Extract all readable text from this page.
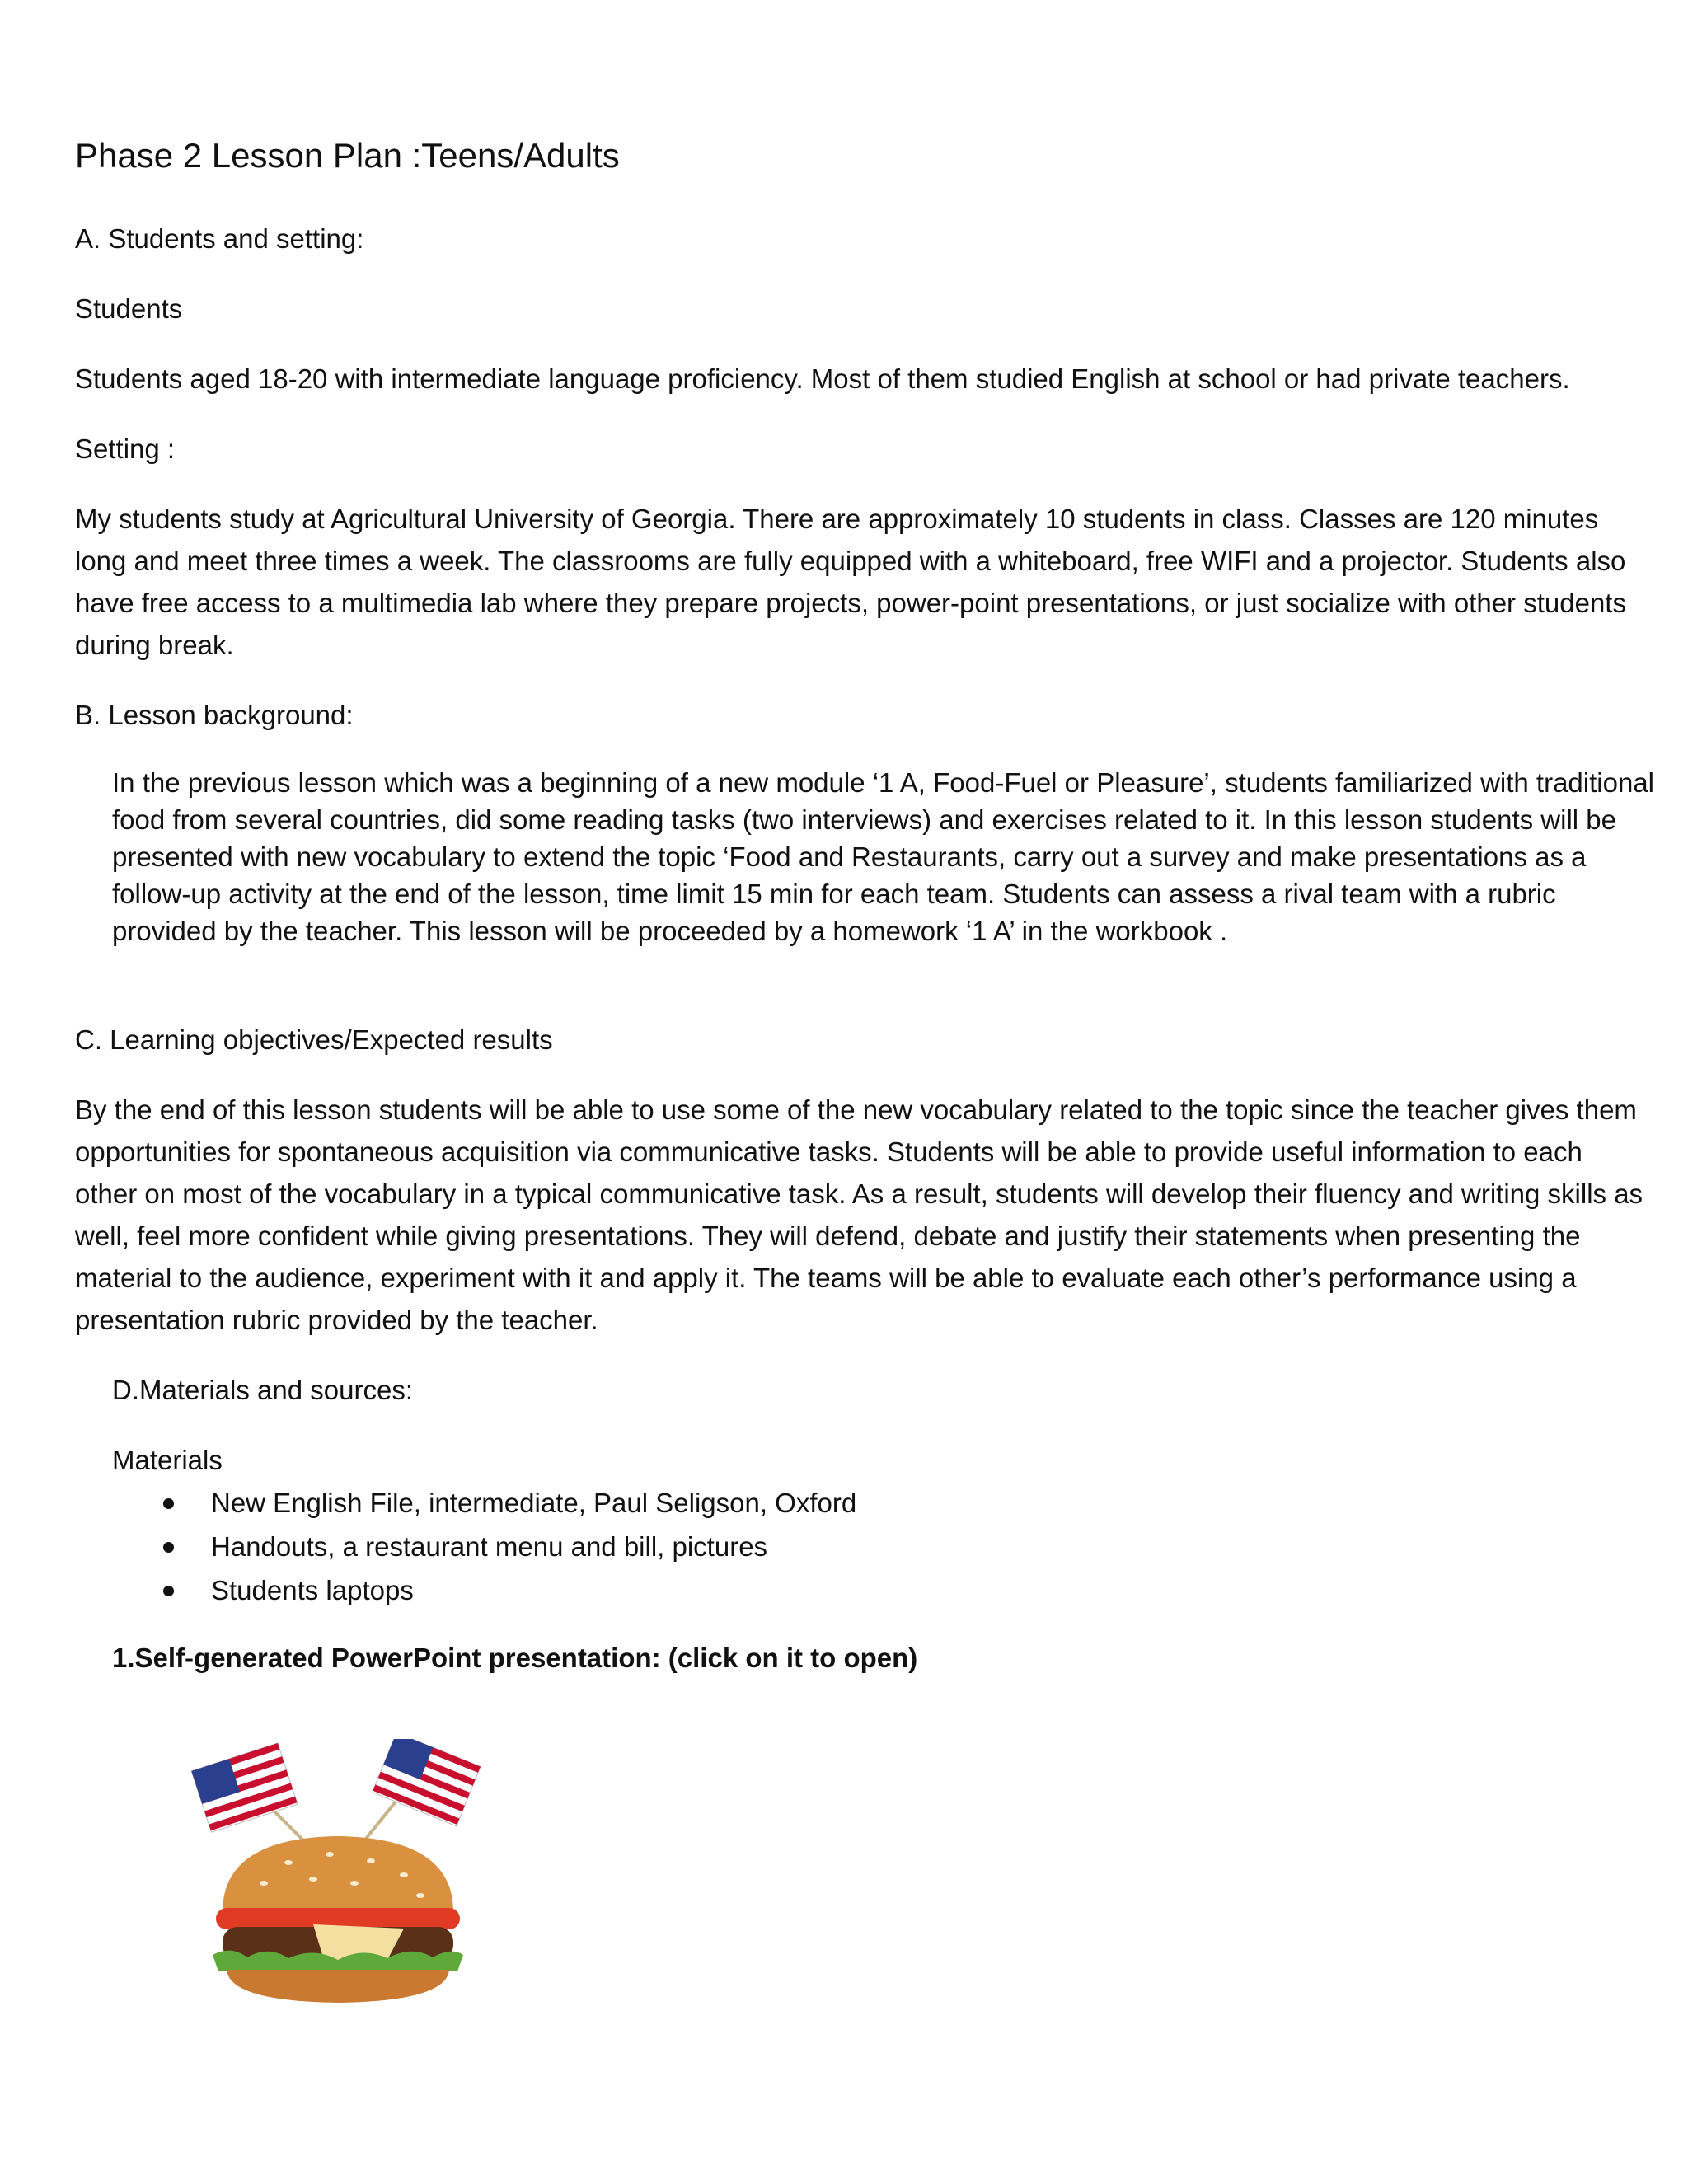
Phase 2 Lesson Plan :Teens/Adults

A. Students and setting:

Students

Students aged 18-20 with intermediate language proficiency. Most of them studied English at school or had private teachers.

Setting :

My students study at Agricultural University of Georgia. There are approximately 10 students in class. Classes are 120 minutes long and meet three times a week. The classrooms are fully equipped with a whiteboard, free WIFI and a projector. Students also have free access to a multimedia lab where they prepare projects, power-point presentations, or just socialize with other students during break.

B. Lesson background:

In the previous lesson which was a beginning of a new module ‘1 A, Food-Fuel or Pleasure’, students familiarized with traditional food from several countries, did some reading tasks (two interviews) and exercises related to it. In this lesson students will be presented with new vocabulary to extend the topic ‘Food and Restaurants, carry out a survey and make presentations as a follow-up activity at the end of the lesson, time limit 15 min for each team. Students can assess a rival team with a rubric provided by the teacher. This lesson will be proceeded by a homework ‘1 A’ in the workbook .

C. Learning objectives/Expected results

By the end of this lesson students will be able to use some of the new vocabulary related to the topic since the teacher gives them opportunities for spontaneous acquisition via communicative tasks. Students will be able to provide useful information to each other on most of the vocabulary in a typical communicative task. As a result, students will develop their fluency and writing skills as well, feel more confident while giving presentations. They will defend, debate and justify their statements when presenting the material to the audience, experiment with it and apply it. The teams will be able to evaluate each other’s performance using a presentation rubric provided by the teacher.

D.Materials and sources:

Materials

New English File, intermediate, Paul Seligson, Oxford
Handouts, a restaurant menu and bill, pictures
Students laptops

1.Self-generated PowerPoint presentation: (click on it to open)
